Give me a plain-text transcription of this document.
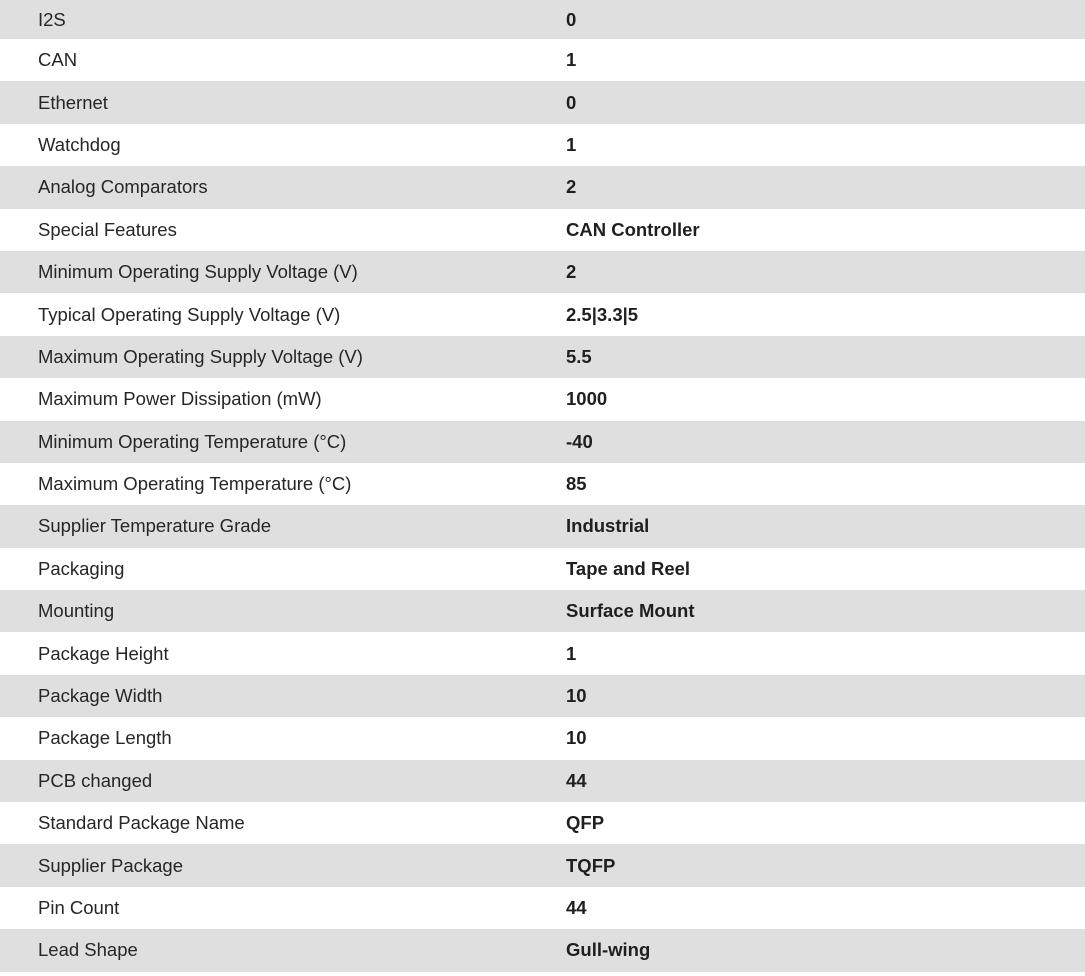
I2S	0
CAN	1
Ethernet	0
Watchdog	1
Analog Comparators	2
Special Features	CAN Controller
Minimum Operating Supply Voltage (V)	2
Typical Operating Supply Voltage (V)	2.5|3.3|5
Maximum Operating Supply Voltage (V)	5.5
Maximum Power Dissipation (mW)	1000
Minimum Operating Temperature (°C)	-40
Maximum Operating Temperature (°C)	85
Supplier Temperature Grade	Industrial
Packaging	Tape and Reel
Mounting	Surface Mount
Package Height	1
Package Width	10
Package Length	10
PCB changed	44
Standard Package Name	QFP
Supplier Package	TQFP
Pin Count	44
Lead Shape	Gull-wing
